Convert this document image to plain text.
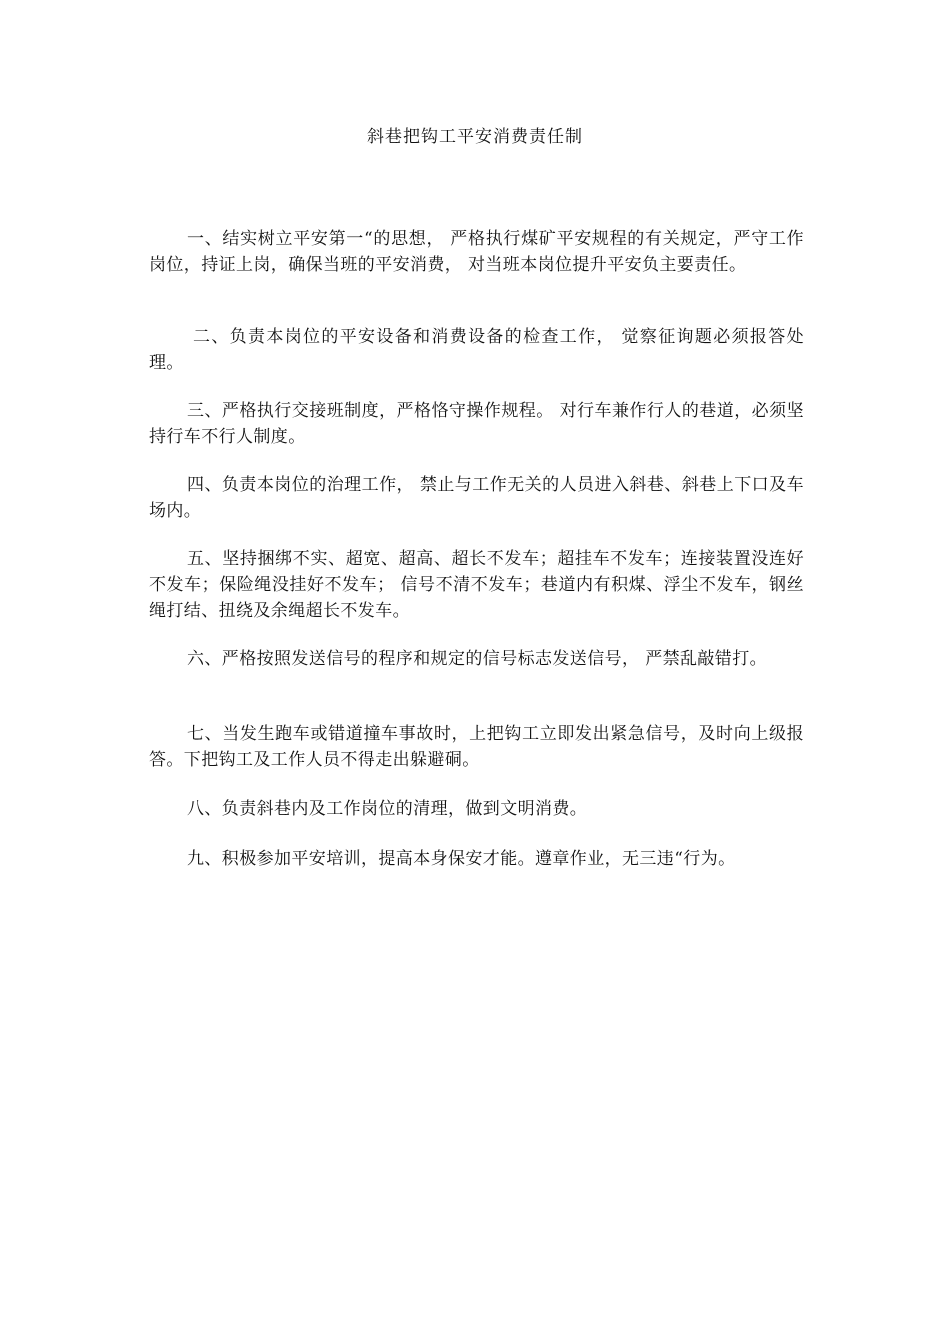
斜巷把钩工平安消费责任制

一、结实树立平安第一“的思想， 严格执行煤矿平安规程的有关规定，严守工作岗位，持证上岗，确保当班的平安消费， 对当班本岗位提升平安负主要责任。

二、负责本岗位的平安设备和消费设备的检查工作， 觉察征询题必须报答处理。

三、严格执行交接班制度，严格恪守操作规程。 对行车兼作行人的巷道，必须坚持行车不行人制度。

四、负责本岗位的治理工作， 禁止与工作无关的人员进入斜巷、斜巷上下口及车场内。

五、坚持捆绑不实、超宽、超高、超长不发车；超挂车不发车；连接装置没连好不发车；保险绳没挂好不发车； 信号不清不发车；巷道内有积煤、浮尘不发车，钢丝绳打结、扭绕及余绳超长不发车。

六、严格按照发送信号的程序和规定的信号标志发送信号， 严禁乱敲错打。

七、当发生跑车或错道撞车事故时，上把钩工立即发出紧急信号，及时向上级报答。下把钩工及工作人员不得走出躲避硐。

八、负责斜巷内及工作岗位的清理，做到文明消费。

九、积极参加平安培训，提高本身保安才能。遵章作业，无三违“行为。
